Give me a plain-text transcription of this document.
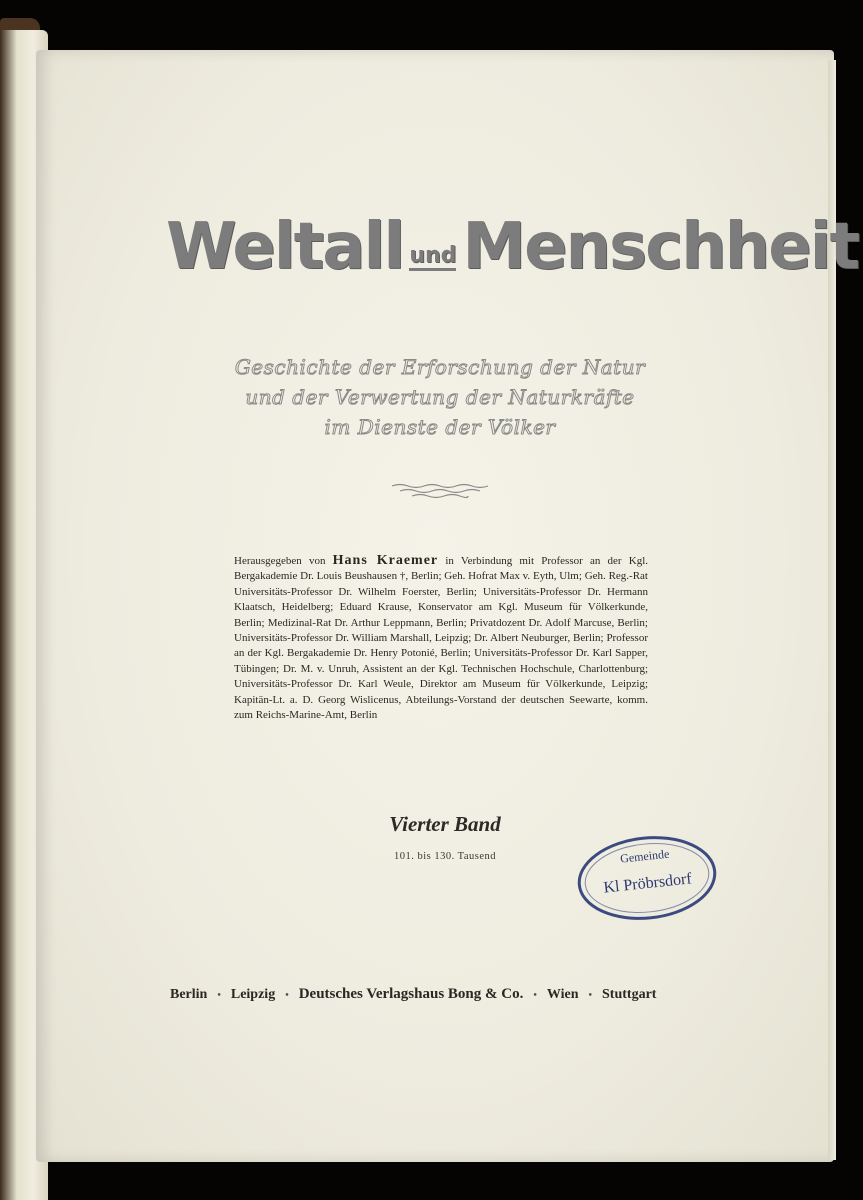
Weltall undMenschheit
Geschichte der Erforschung der Natur
und der Verwertung der Naturkräfte
im Dienste der Völker
Herausgegeben von Hans Kraemer in Verbindung mit Professor an der Kgl. Bergakademie Dr. Louis Beushausen †, Berlin; Geh. Hofrat Max v. Eyth, Ulm; Geh. Reg.-Rat Universitäts-Professor Dr. Wilhelm Foerster, Berlin; Universitäts-Professor Dr. Hermann Klaatsch, Heidelberg; Eduard Krause, Konservator am Kgl. Museum für Völkerkunde, Berlin; Medizinal-Rat Dr. Arthur Leppmann, Berlin; Privatdozent Dr. Adolf Marcuse, Berlin; Universitäts-Professor Dr. William Marshall, Leipzig; Dr. Albert Neuburger, Berlin; Professor an der Kgl. Bergakademie Dr. Henry Potonié, Berlin; Universitäts-Professor Dr. Karl Sapper, Tübingen; Dr. M. v. Unruh, Assistent an der Kgl. Technischen Hochschule, Charlottenburg; Universitäts-Professor Dr. Karl Weule, Direktor am Museum für Völkerkunde, Leipzig; Kapitän-Lt. a. D. Georg Wislicenus, Abteilungs-Vorstand der deutschen Seewarte, komm. zum Reichs-Marine-Amt, Berlin
Vierter Band
101. bis 130. Tausend	Gemeinde
Kl Pröbrsdorf
Berlin • Leipzig • Deutsches Verlagshaus Bong & Co. • Wien • Stuttgart
